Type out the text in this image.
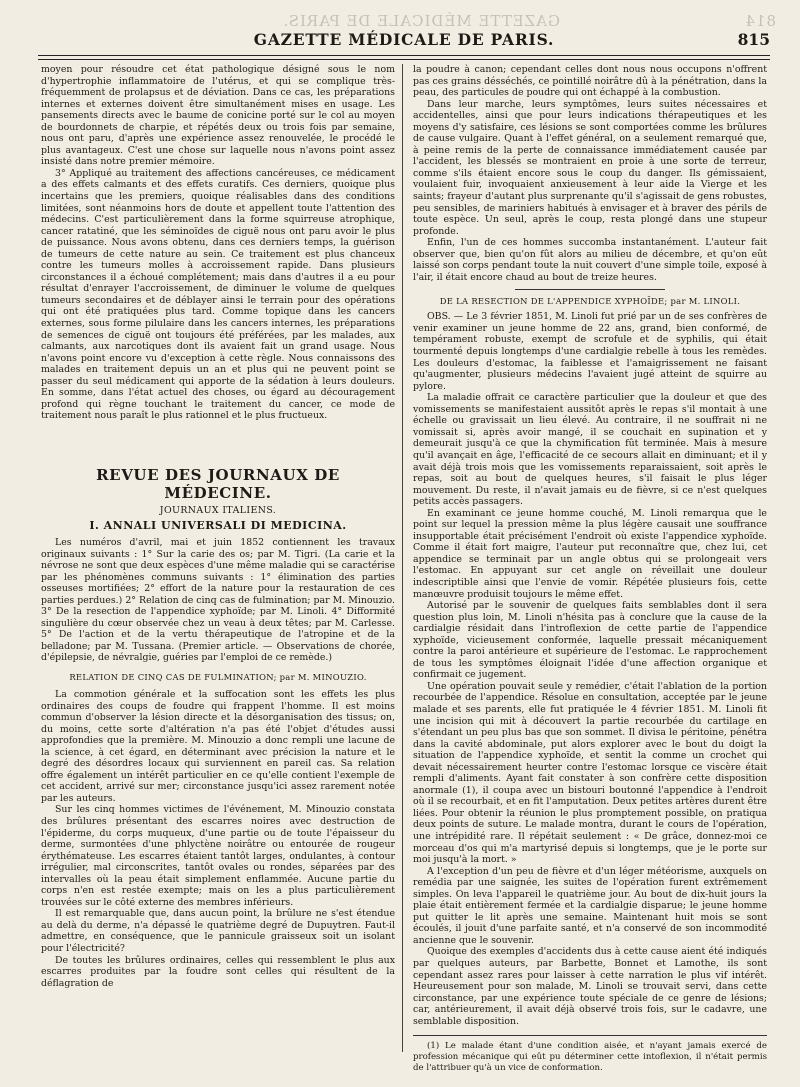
814
GAZETTE MÉDICALE DE PARIS.
GAZETTE MÉDICALE DE PARIS.	815

moyen pour résoudre cet état pathologique désigné sous le nom d'hypertrophie inflammatoire de l'utérus, et qui se complique très-fréquemment de prolapsus et de déviation. Dans ce cas, les préparations internes et externes doivent être simultanément mises en usage. Les pansements directs avec le baume de conicine porté sur le col au moyen de bourdonnets de charpie, et répétés deux ou trois fois par semaine, nous ont paru, d'après une expérience assez renouvelée, le procédé le plus avantageux. C'est une chose sur laquelle nous n'avons point assez insisté dans notre premier mémoire.

3° Appliqué au traitement des affections cancéreuses, ce médicament a des effets calmants et des effets curatifs. Ces derniers, quoique plus incertains que les premiers, quoique réalisables dans des conditions limitées, sont néanmoins hors de doute et appellent toute l'attention des médecins. C'est particulièrement dans la forme squirreuse atrophique, cancer ratatiné, que les séminoïdes de ciguë nous ont paru avoir le plus de puissance. Nous avons obtenu, dans ces derniers temps, la guérison de tumeurs de cette nature au sein. Ce traitement est plus chanceux contre les tumeurs molles à accroissement rapide. Dans plusieurs circonstances il a échoué complétement; mais dans d'autres il a eu pour résultat d'enrayer l'accroissement, de diminuer le volume de quelques tumeurs secondaires et de déblayer ainsi le terrain pour des opérations qui ont été pratiquées plus tard. Comme topique dans les cancers externes, sous forme pilulaire dans les cancers internes, les préparations de semences de ciguë ont toujours été préférées, par les malades, aux calmants, aux narcotiques dont ils avaient fait un grand usage. Nous n'avons point encore vu d'exception à cette règle. Nous connaissons des malades en traitement depuis un an et plus qui ne peuvent point se passer du seul médicament qui apporte de la sédation à leurs douleurs. En somme, dans l'état actuel des choses, ou égard au découragement profond qui règne touchant le traitement du cancer, ce mode de traitement nous paraît le plus rationnel et le plus fructueux.

REVUE DES JOURNAUX DE MÉDECINE.
JOURNAUX ITALIENS.
I. ANNALI UNIVERSALI DI MEDICINA.

Les numéros d'avril, mai et juin 1852 contiennent les travaux originaux suivants : 1° Sur la carie des os; par M. Tigri. (La carie et la névrose ne sont que deux espèces d'une même maladie qui se caractérise par les phénomènes communs suivants : 1° élimination des parties osseuses mortifiées; 2° effort de la nature pour la restauration de ces parties perdues.) 2° Relation de cinq cas de fulmination; par M. Minouzio. 3° De la resection de l'appendice xyphoïde; par M. Linoli. 4° Difformité singulière du cœur observée chez un veau à deux têtes; par M. Carlesse. 5° De l'action et de la vertu thérapeutique de l'atropine et de la belladone; par M. Tussana. (Premier article. — Observations de chorée, d'épilepsie, de névralgie, guéries par l'emploi de ce remède.)

RELATION DE CINQ CAS DE FULMINATION; par M. MINOUZIO.

La commotion générale et la suffocation sont les effets les plus ordinaires des coups de foudre qui frappent l'homme. Il est moins commun d'observer la lésion directe et la désorganisation des tissus; on, du moins, cette sorte d'altération n'a pas été l'objet d'études aussi approfondies que la première. M. Minouzio a donc rempli une lacune de la science, à cet égard, en déterminant avec précision la nature et le degré des désordres locaux qui surviennent en pareil cas. Sa relation offre également un intérêt particulier en ce qu'elle contient l'exemple de cet accident, arrivé sur mer; circonstance jusqu'ici assez rarement notée par les auteurs.

Sur les cinq hommes victimes de l'événement, M. Minouzio constata des brûlures présentant des escarres noires avec destruction de l'épiderme, du corps muqueux, d'une partie ou de toute l'épaisseur du derme, surmontées d'une phlyctène noirâtre ou entourée de rougeur érythémateuse. Les escarres étaient tantôt larges, ondulantes, à contour irrégulier, mal circonscrites, tantôt ovales ou rondes, séparées par des intervalles où la peau était simplement enflammée. Aucune partie du corps n'en est restée exempte; mais on les a plus particulièrement trouvées sur le côté externe des membres inférieurs.

Il est remarquable que, dans aucun point, la brûlure ne s'est étendue au delà du derme, n'a dépassé le quatrième degré de Dupuytren. Faut-il admettre, en conséquence, que le pannicule graisseux soit un isolant pour l'électricité?

De toutes les brûlures ordinaires, celles qui ressemblent le plus aux escarres produites par la foudre sont celles qui résultent de la déflagration de

la poudre à canon; cependant celles dont nous nous occupons n'offrent pas ces grains désséchés, ce pointillé noirâtre dû à la pénétration, dans la peau, des particules de poudre qui ont échappé à la combustion.

Dans leur marche, leurs symptômes, leurs suites nécessaires et accidentelles, ainsi que pour leurs indications thérapeutiques et les moyens d'y satisfaire, ces lésions se sont comportées comme les brûlures de cause vulgaire. Quant à l'effet général, on a seulement remarqué que, à peine remis de la perte de connaissance immédiatement causée par l'accident, les blessés se montraient en proie à une sorte de terreur, comme s'ils étaient encore sous le coup du danger. Ils gémissaient, voulaient fuir, invoquaient anxieusement à leur aide la Vierge et les saints; frayeur d'autant plus surprenante qu'il s'agissait de gens robustes, peu sensibles, de mariniers habitués à envisager et à braver des périls de toute espèce. Un seul, après le coup, resta plongé dans une stupeur profonde.

Enfin, l'un de ces hommes succomba instantanément. L'auteur fait observer que, bien qu'on fût alors au milieu de décembre, et qu'on eût laissé son corps pendant toute la nuit couvert d'une simple toile, exposé à l'air, il était encore chaud au bout de treize heures.

DE LA RESECTION DE L'APPENDICE XYPHOÏDE; par M. LINOLI.

OBS. — Le 3 février 1851, M. Linoli fut prié par un de ses confrères de venir examiner un jeune homme de 22 ans, grand, bien conformé, de tempérament robuste, exempt de scrofule et de syphilis, qui était tourmenté depuis longtemps d'une cardialgie rebelle à tous les remèdes. Les douleurs d'estomac, la faiblesse et l'amaigrissement ne faisant qu'augmenter, plusieurs médecins l'avaient jugé atteint de squirre au pylore.

La maladie offrait ce caractère particulier que la douleur et que des vomissements se manifestaient aussitôt après le repas s'il montait à une échelle ou gravissait un lieu élevé. Au contraire, il ne souffrait ni ne vomissait si, après avoir mangé, il se couchait en supination et y demeurait jusqu'à ce que la chymification fût terminée. Mais à mesure qu'il avançait en âge, l'efficacité de ce secours allait en diminuant; et il y avait déjà trois mois que les vomissements reparaissaient, soit après le repas, soit au bout de quelques heures, s'il faisait le plus léger mouvement. Du reste, il n'avait jamais eu de fièvre, si ce n'est quelques petits accès passagers.

En examinant ce jeune homme couché, M. Linoli remarqua que le point sur lequel la pression même la plus légère causait une souffrance insupportable était précisément l'endroit où existe l'appendice xyphoïde. Comme il était fort maigre, l'auteur put reconnaître que, chez lui, cet appendice se terminait par un angle obtus qui se prolongeait vers l'estomac. En appuyant sur cet angle on réveillait une douleur indescriptible ainsi que l'envie de vomir. Répétée plusieurs fois, cette manœuvre produisit toujours le même effet.

Autorisé par le souvenir de quelques faits semblables dont il sera question plus loin, M. Linoli n'hésita pas à conclure que la cause de la cardialgie résidait dans l'introflexion de cette partie de l'appendice xyphoïde, vicieusement conformée, laquelle pressait mécaniquement contre la paroi antérieure et supérieure de l'estomac. Le rapprochement de tous les symptômes éloignait l'idée d'une affection organique et confirmait ce jugement.

Une opération pouvait seule y remédier, c'était l'ablation de la portion recourbée de l'appendice. Résolue en consultation, acceptée par le jeune malade et ses parents, elle fut pratiquée le 4 février 1851. M. Linoli fit une incision qui mit à découvert la partie recourbée du cartilage en s'étendant un peu plus bas que son sommet. Il divisa le péritoine, pénétra dans la cavité abdominale, put alors explorer avec le bout du doigt la situation de l'appendice xyphoïde, et sentit la comme un crochet qui devait nécessairement heurter contre l'estomac lorsque ce viscère était rempli d'aliments. Ayant fait constater à son confrère cette disposition anormale (1), il coupa avec un bistouri boutonné l'appendice à l'endroit où il se recourbait, et en fit l'amputation. Deux petites artères durent être liées. Pour obtenir la réunion le plus promptement possible, on pratiqua deux points de suture. Le malade montra, durant le cours de l'opération, une intrépidité rare. Il répétait seulement : « De grâce, donnez-moi ce morceau d'os qui m'a martyrisé depuis si longtemps, que je le porte sur moi jusqu'à la mort. »

A l'exception d'un peu de fièvre et d'un léger météorisme, auxquels on remédia par une saignée, les suites de l'opération furent extrêmement simples. On leva l'appareil le quatrième jour. Au bout de dix-huit jours la plaie était entièrement fermée et la cardialgie disparue; le jeune homme put quitter le lit après une semaine. Maintenant huit mois se sont écoulés, il jouit d'une parfaite santé, et n'a conservé de son incommodité ancienne que le souvenir.

Quoique des exemples d'accidents dus à cette cause aient été indiqués par quelques auteurs, par Barbette, Bonnet et Lamothe, ils sont cependant assez rares pour laisser à cette narration le plus vif intérêt. Heureusement pour son malade, M. Linoli se trouvait servi, dans cette circonstance, par une expérience toute spéciale de ce genre de lésions; car, antérieurement, il avait déjà observé trois fois, sur le cadavre, une semblable disposition.

(1) Le malade étant d'une condition aisée, et n'ayant jamais exercé de profession mécanique qui eût pu déterminer cette intoflexion, il n'était permis de l'attribuer qu'à un vice de conformation.
